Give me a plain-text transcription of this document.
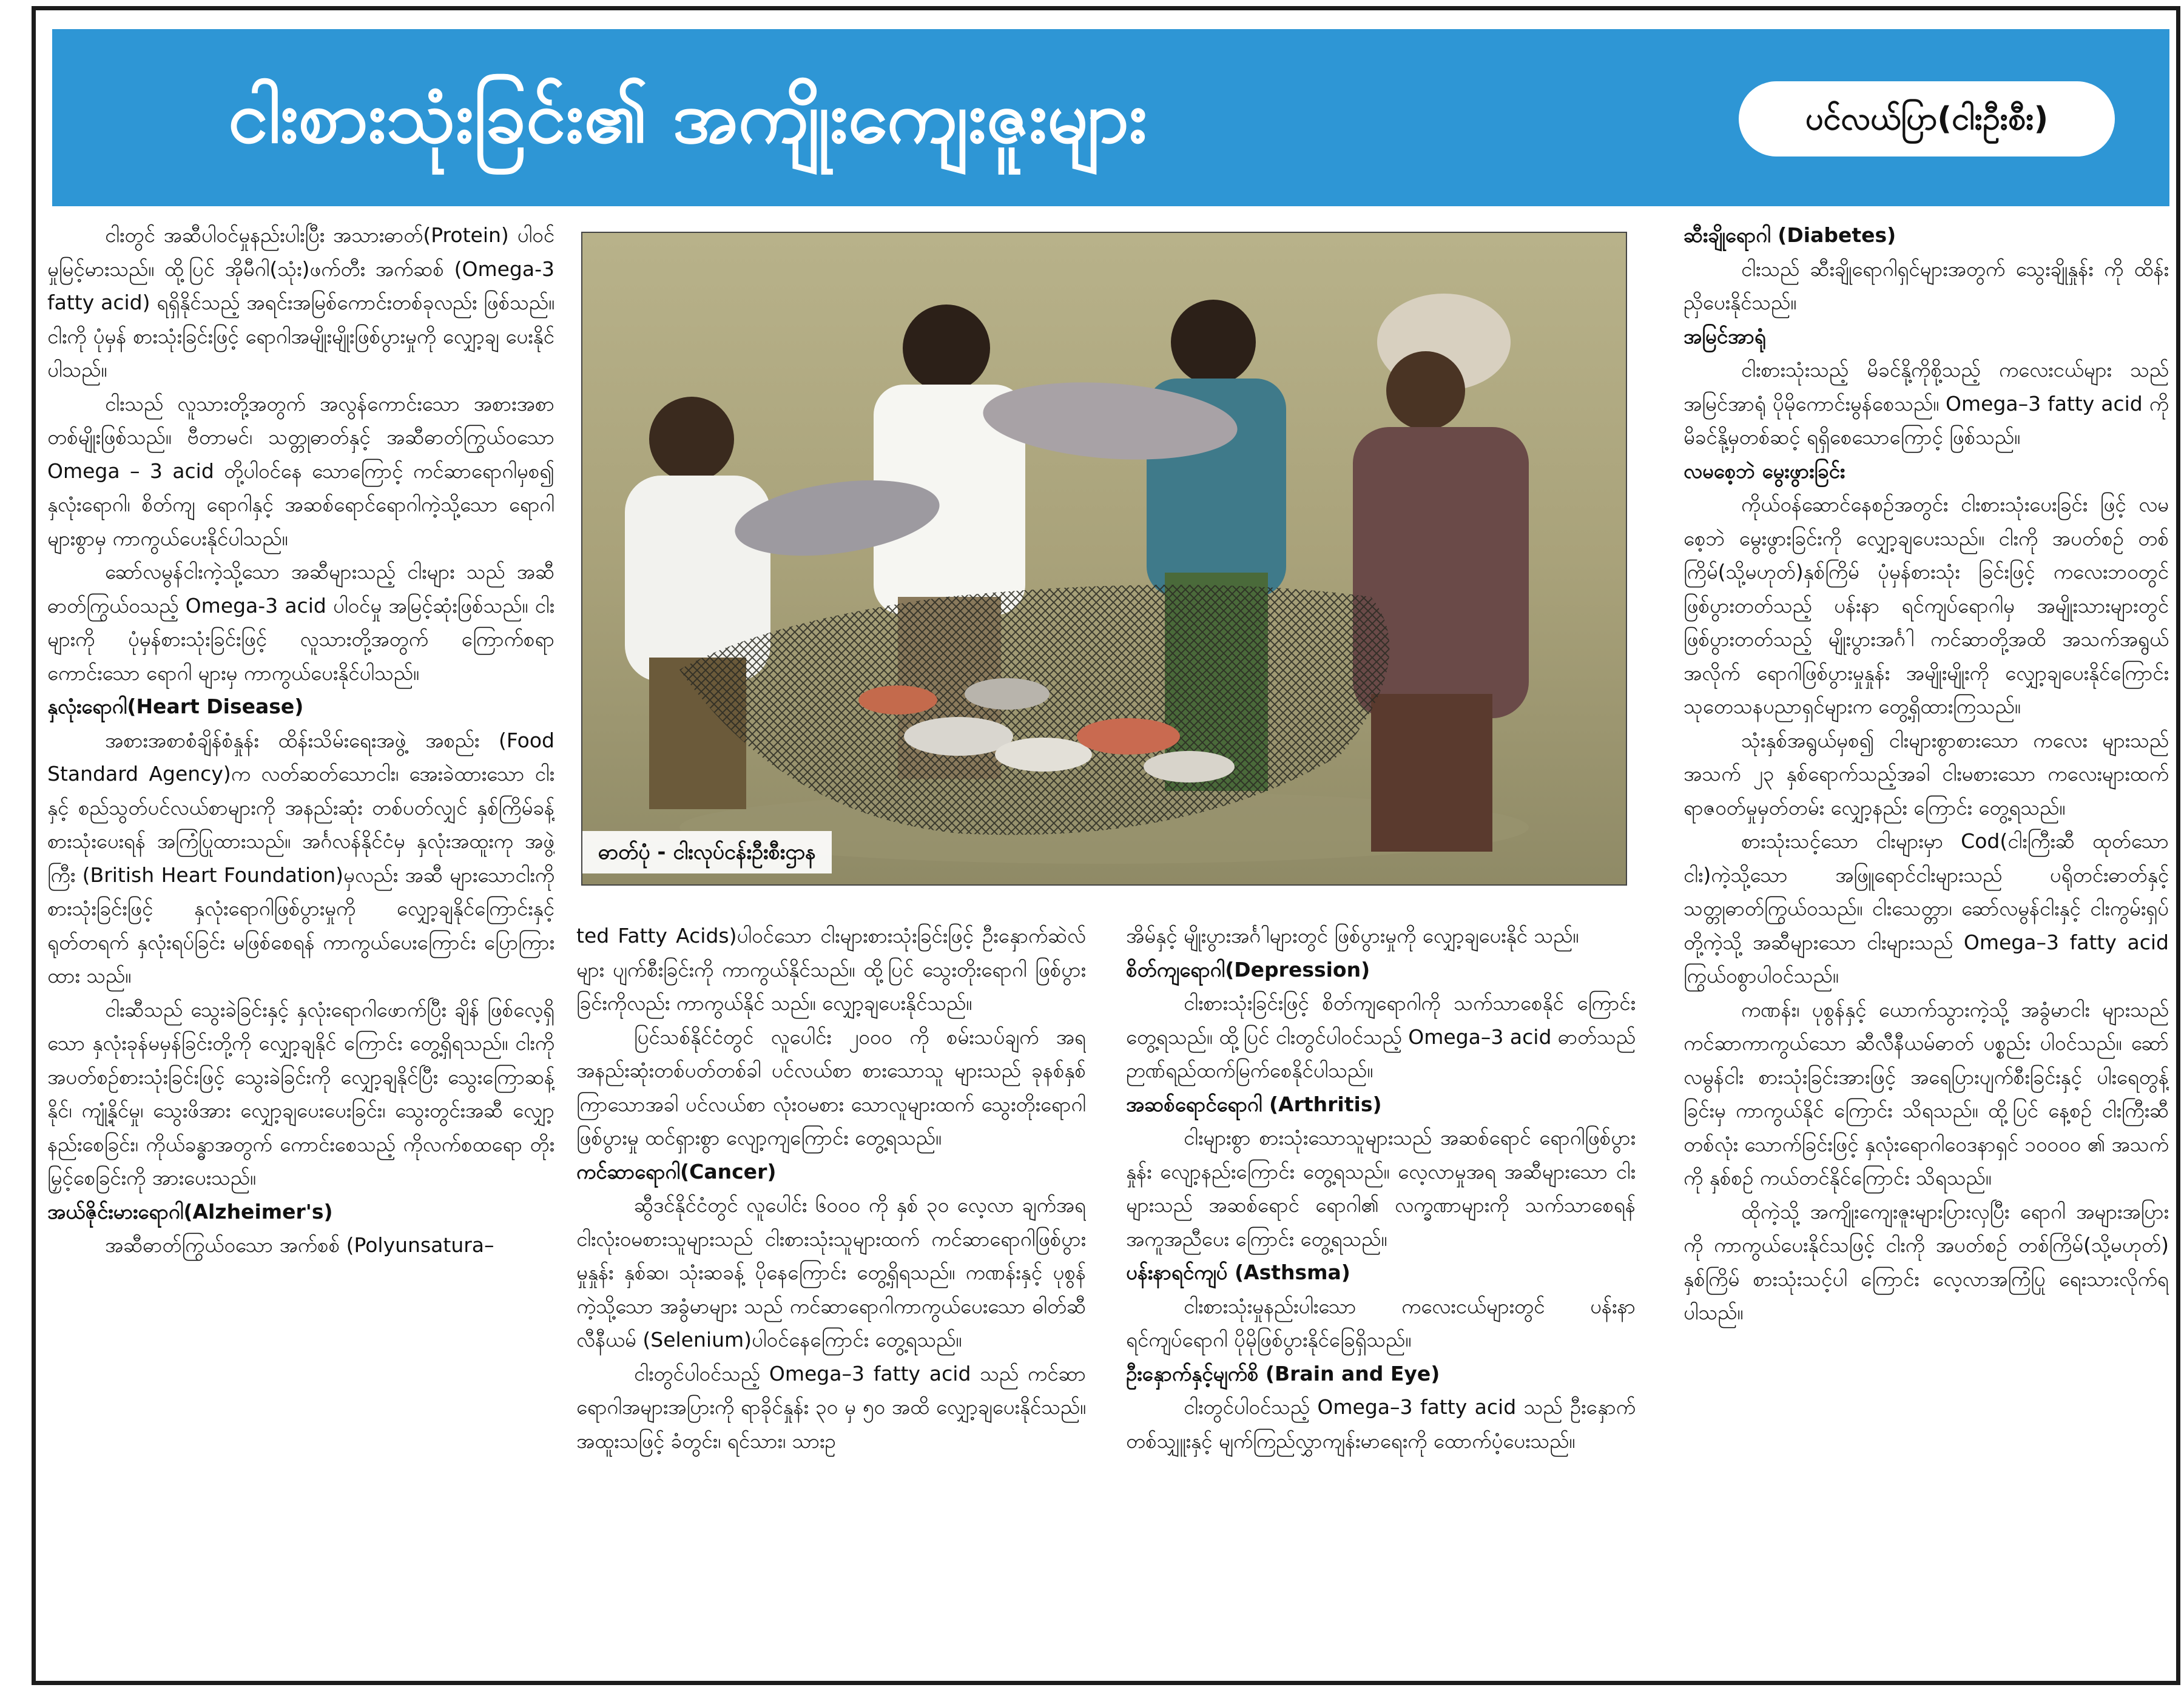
ငါးစားသုံးခြင်း၏ အကျိုးကျေးဇူးများ	ပင်လယ်ပြာ(ငါးဦးစီး)

ငါးတွင် အဆီပါဝင်မှုနည်းပါးပြီး အသားဓာတ်(Protein) ပါဝင်မှုမြင့်မားသည်။ ထို့ပြင် အိုမီဂါ(သုံး)ဖက်တီး အက်ဆစ် (Omega-3 fatty acid) ရရှိနိုင်သည့် အရင်းအမြစ်ကောင်းတစ်ခုလည်း ဖြစ်သည်။ ငါးကို ပုံမှန် စားသုံးခြင်းဖြင့် ရောဂါအမျိုးမျိုးဖြစ်ပွားမှုကို လျှော့ချ ပေးနိုင်ပါသည်။

ငါးသည် လူသားတို့အတွက် အလွန်ကောင်းသော အစားအစာတစ်မျိုးဖြစ်သည်။ ဗီတာမင်၊ သတ္တုဓာတ်နှင့် အဆီဓာတ်ကြွယ်ဝသော Omega – 3 acid တို့ပါဝင်နေ သောကြောင့် ကင်ဆာရောဂါမှစ၍ နှလုံးရောဂါ၊ စိတ်ကျ ရောဂါနှင့် အဆစ်ရောင်ရောဂါကဲ့သို့သော ရောဂါများစွာမှ ကာကွယ်ပေးနိုင်ပါသည်။

ဆော်လမွန်ငါးကဲ့သို့သော အဆီများသည့် ငါးများ သည် အဆီဓာတ်ကြွယ်ဝသည့် Omega-3 acid ပါဝင်မှု အမြင့်ဆုံးဖြစ်သည်။ ငါးများကို ပုံမှန်စားသုံးခြင်းဖြင့် လူသားတို့အတွက် ကြောက်စရာကောင်းသော ရောဂါ များမှ ကာကွယ်ပေးနိုင်ပါသည်။

နှလုံးရောဂါ(Heart Disease)

အစားအစာစံချိန်စံနှုန်း ထိန်းသိမ်းရေးအဖွဲ့ အစည်း (Food Standard Agency)က လတ်ဆတ်သောငါး၊ အေးခဲထားသော ငါးနှင့် စည်သွတ်ပင်လယ်စာများကို အနည်းဆုံး တစ်ပတ်လျှင် နှစ်ကြိမ်ခန့် စားသုံးပေးရန် အကြံပြုထားသည်။ အင်္ဂလန်နိုင်ငံမှ နှလုံးအထူးကု အဖွဲ့ကြီး (British Heart Foundation)မှလည်း အဆီ များသောငါးကို စားသုံးခြင်းဖြင့် နှလုံးရောဂါဖြစ်ပွားမှုကို လျှော့ချနိုင်ကြောင်းနှင့် ရုတ်တရက် နှလုံးရပ်ခြင်း မဖြစ်စေရန် ကာကွယ်ပေးကြောင်း ပြောကြားထား သည်။

ငါးဆီသည် သွေးခဲခြင်းနှင့် နှလုံးရောဂါဖောက်ပြီး ချိန် ဖြစ်လေ့ရှိသော နှလုံးခုန်မမှန်ခြင်းတို့ကို လျှော့ချနိုင် ကြောင်း တွေ့ရှိရသည်။ ငါးကို အပတ်စဉ်စားသုံးခြင်းဖြင့် သွေးခဲခြင်းကို လျှော့ချနိုင်ပြီး သွေးကြောဆန့်နိုင်၊ ကျုံ့နိုင်မှု၊ သွေးဖိအား လျှော့ချပေးပေးခြင်း၊ သွေးတွင်းအဆီ လျှော့နည်းစေခြင်း၊ ကိုယ်ခန္ဓာအတွက် ကောင်းစေသည့် ကိုလက်စထရော တိုးမြှင့်စေခြင်းကို အားပေးသည်။

အယ်ဇိုင်းမားရောဂါ(Alzheimer's)

အဆီဓာတ်ကြွယ်ဝသော အက်စစ် (Polyunsatura–

ဓာတ်ပုံ - ငါးလုပ်ငန်းဦးစီးဌာန

ted Fatty Acids)ပါဝင်သော ငါးများစားသုံးခြင်းဖြင့် ဦးနှောက်ဆဲလ်များ ပျက်စီးခြင်းကို ကာကွယ်နိုင်သည်။ ထို့ပြင် သွေးတိုးရောဂါ ဖြစ်ပွားခြင်းကိုလည်း ကာကွယ်နိုင် သည်။ လျှော့ချပေးနိုင်သည်။

ပြင်သစ်နိုင်ငံတွင် လူပေါင်း ၂၀၀၀ ကို စမ်းသပ်ချက် အရ အနည်းဆုံးတစ်ပတ်တစ်ခါ ပင်လယ်စာ စားသောသူ များသည် ခုနစ်နှစ်ကြာသောအခါ ပင်လယ်စာ လုံးဝမစား သောလူများထက် သွေးတိုးရောဂါဖြစ်ပွားမှု ထင်ရှားစွာ လျော့ကျကြောင်း တွေ့ရသည်။

ကင်ဆာရောဂါ(Cancer)

ဆွီဒင်နိုင်ငံတွင် လူပေါင်း ၆၀၀၀ ကို နှစ် ၃၀ လေ့လာ ချက်အရ ငါးလုံးဝမစားသူများသည် ငါးစားသုံးသူများထက် ကင်ဆာရောဂါဖြစ်ပွားမှုနှုန်း နှစ်ဆ၊ သုံးဆခန့် ပိုနေကြောင်း တွေ့ရှိရသည်။ ကဏန်းနှင့် ပုစွန်ကဲ့သို့သော အခွံမာများ သည် ကင်ဆာရောဂါကာကွယ်ပေးသော ဓါတ်ဆီလီနီယမ် (Selenium)ပါဝင်နေကြောင်း တွေ့ရသည်။

ငါးတွင်ပါဝင်သည့် Omega–3 fatty acid သည် ကင်ဆာရောဂါအများအပြားကို ရာခိုင်နှုန်း ၃၀ မှ ၅၀ အထိ လျှော့ချပေးနိုင်သည်။ အထူးသဖြင့် ခံတွင်း၊ ရင်သား၊ သားဥ

အိမ်နှင့် မျိုးပွားအင်္ဂါများတွင် ဖြစ်ပွားမှုကို လျှော့ချပေးနိုင် သည်။

စိတ်ကျရောဂါ(Depression)

ငါးစားသုံးခြင်းဖြင့် စိတ်ကျရောဂါကို သက်သာစေနိုင် ကြောင်း တွေ့ရသည်။ ထို့ပြင် ငါးတွင်ပါဝင်သည့် Omega–3 acid ဓာတ်သည် ဉာဏ်ရည်ထက်မြက်စေနိုင်ပါသည်။

အဆစ်ရောင်ရောဂါ (Arthritis)

ငါးများစွာ စားသုံးသောသူများသည် အဆစ်ရောင် ရောဂါဖြစ်ပွားနှုန်း လျော့နည်းကြောင်း တွေ့ရသည်။ လေ့လာမှုအရ အဆီများသော ငါးများသည် အဆစ်ရောင် ရောဂါ၏ လက္ခဏာများကို သက်သာစေရန် အကူအညီပေး ကြောင်း တွေ့ရသည်။

ပန်းနာရင်ကျပ် (Asthsma)

ငါးစားသုံးမှုနည်းပါးသော ကလေးငယ်များတွင် ပန်းနာရင်ကျပ်ရောဂါ ပိုမိုဖြစ်ပွားနိုင်ခြေရှိသည်။

ဦးနှောက်နှင့်မျက်စိ (Brain and Eye)

ငါးတွင်ပါဝင်သည့် Omega–3 fatty acid သည် ဦးနှောက်တစ်သျှူးနှင့် မျက်ကြည်လွှာကျန်းမာရေးကို ထောက်ပံ့ပေးသည်။

ဆီးချိုရောဂါ (Diabetes)

ငါးသည် ဆီးချိုရောဂါရှင်များအတွက် သွေးချိုနှုန်း ကို ထိန်းညှိပေးနိုင်သည်။

အမြင်အာရုံ

ငါးစားသုံးသည့် မိခင်နို့ကိုစို့သည့် ကလေးငယ်များ သည် အမြင်အာရုံ ပိုမိုကောင်းမွန်စေသည်။ Omega–3 fatty acid ကို မိခင်နို့မှတစ်ဆင့် ရရှိစေသောကြောင့် ဖြစ်သည်။

လမစေ့ဘဲ မွေးဖွားခြင်း

ကိုယ်ဝန်ဆောင်နေစဉ်အတွင်း ငါးစားသုံးပေးခြင်း ဖြင့် လမစေ့ဘဲ မွေးဖွားခြင်းကို လျှော့ချပေးသည်။ ငါးကို အပတ်စဉ် တစ်ကြိမ်(သို့မဟုတ်)နှစ်ကြိမ် ပုံမှန်စားသုံး ခြင်းဖြင့် ကလေးဘဝတွင် ဖြစ်ပွားတတ်သည့် ပန်းနာ ရင်ကျပ်ရောဂါမှ အမျိုးသားများတွင် ဖြစ်ပွားတတ်သည့် မျိုးပွားအင်္ဂါ ကင်ဆာတို့အထိ အသက်အရွယ်အလိုက် ရောဂါဖြစ်ပွားမှုနှုန်း အမျိုးမျိုးကို လျှော့ချပေးနိုင်ကြောင်း သုတေသနပညာရှင်များက တွေ့ရှိထားကြသည်။

သုံးနှစ်အရွယ်မှစ၍ ငါးများစွာစားသော ကလေး များသည် အသက် ၂၃ နှစ်ရောက်သည့်အခါ ငါးမစားသော ကလေးများထက် ရာဇဝတ်မှုမှတ်တမ်း လျှော့နည်း ကြောင်း တွေ့ရသည်။

စားသုံးသင့်သော ငါးများမှာ Cod(ငါးကြီးဆီ ထုတ်သောငါး)ကဲ့သို့သော အဖြူရောင်ငါးများသည် ပရိုတင်းဓာတ်နှင့် သတ္တုဓာတ်ကြွယ်ဝသည်။ ငါးသေတ္တာ၊ ဆော်လမွန်ငါးနှင့် ငါးကွမ်းရှပ်တို့ကဲ့သို့ အဆီများသော ငါးများသည် Omega–3 fatty acid ကြွယ်ဝစွာပါဝင်သည်။

ကဏန်း၊ ပုစွန်နှင့် ယောက်သွားကဲ့သို့ အခွံမာငါး များသည် ကင်ဆာကာကွယ်သော ဆီလီနီယမ်ဓာတ် ပစ္စည်း ပါဝင်သည်။ ဆော်လမွန်ငါး စားသုံးခြင်းအားဖြင့် အရေပြားပျက်စီးခြင်းနှင့် ပါးရေတွန့်ခြင်းမှ ကာကွယ်နိုင် ကြောင်း သိရသည်။ ထို့ပြင် နေ့စဉ် ငါးကြီးဆီတစ်လုံး သောက်ခြင်းဖြင့် နှလုံးရောဂါဝေဒနာရှင် ၁၀၀၀၀ ၏ အသက်ကို နှစ်စဉ် ကယ်တင်နိုင်ကြောင်း သိရသည်။

ထိုကဲ့သို့ အကျိုးကျေးဇူးများပြားလှပြီး ရောဂါ အများအပြားကို ကာကွယ်ပေးနိုင်သဖြင့် ငါးကို အပတ်စဉ် တစ်ကြိမ်(သို့မဟုတ်) နှစ်ကြိမ် စားသုံးသင့်ပါ ကြောင်း လေ့လာအကြံပြု ရေးသားလိုက်ရပါသည်။
